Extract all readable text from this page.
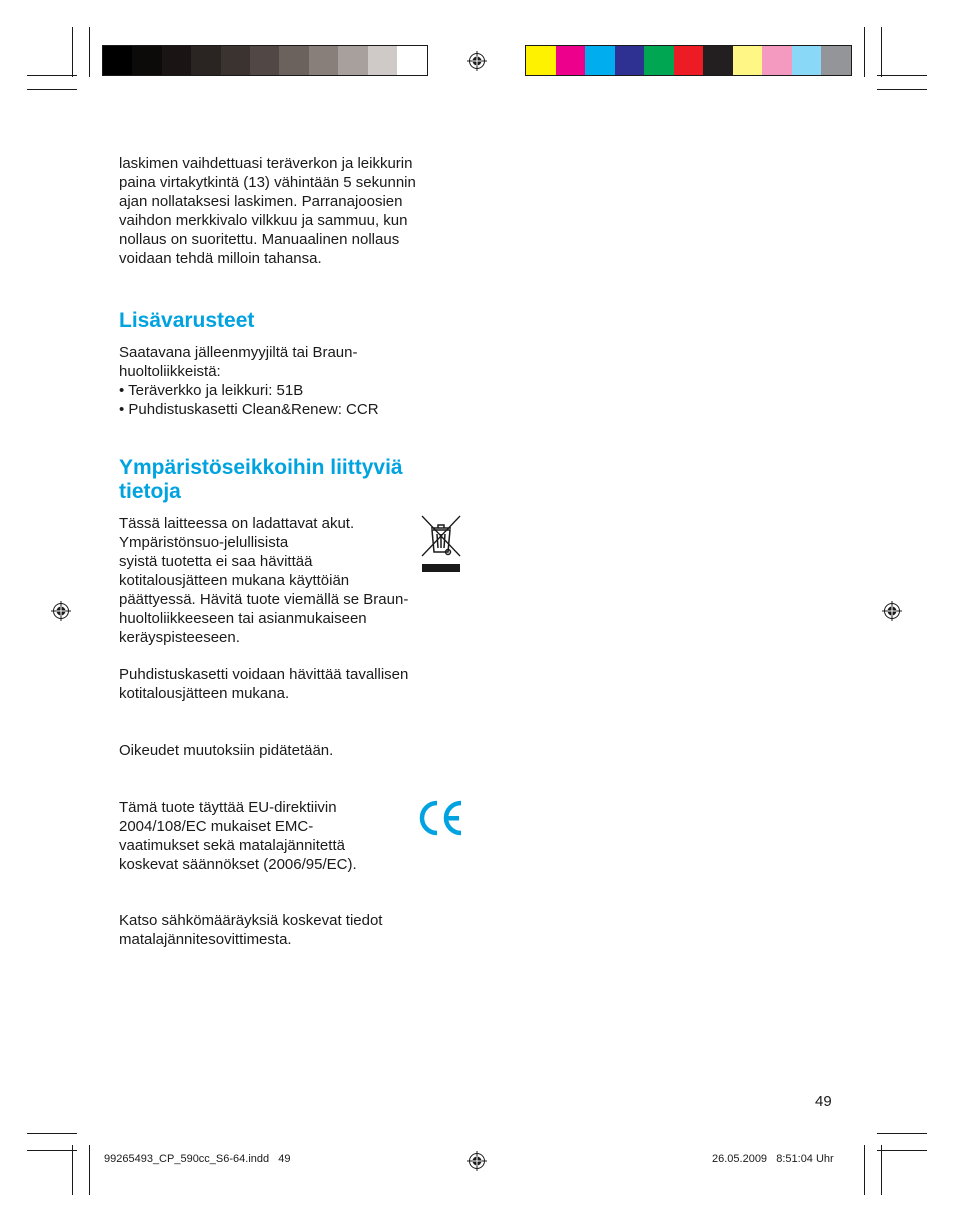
laskimen vaihdettuasi teräverkon ja leikkurin
paina virtakytkintä (13) vähintään 5 sekunnin
ajan nollataksesi laskimen. Parranajoosien
vaihdon merkkivalo vilkkuu ja sammuu, kun
nollaus on suoritettu. Manuaalinen nollaus
voidaan tehdä milloin tahansa.

Lisävarusteet

Saatavana jälleenmyyjiltä tai Braun-
huoltoliikkeistä:

• Teräverkko ja leikkuri: 51B
• Puhdistuskasetti Clean&Renew: CCR
Ympäristöseikkoihin liittyviä
tietoja

Tässä laitteessa on ladattavat akut.
Ympäristönsuo-jelullisista
syistä tuotetta ei saa hävittää
kotitalousjätteen mukana käyttöiän
päättyessä. Hävitä tuote viemällä se Braun-
huoltoliikkeeseen tai asianmukaiseen
keräyspisteeseen.

Puhdistuskasetti voidaan hävittää tavallisen
kotitalousjätteen mukana.

Oikeudet muutoksiin pidätetään.

Tämä tuote täyttää EU-direktiivin
2004/108/EC mukaiset EMC-
vaatimukset sekä matalajännitettä
koskevat säännökset (2006/95/EC).

Katso sähkömääräyksiä koskevat tiedot
matalajännitesovittimesta.

49
99265493_CP_590cc_S6-64.indd   49	26.05.2009   8:51:04 Uhr
